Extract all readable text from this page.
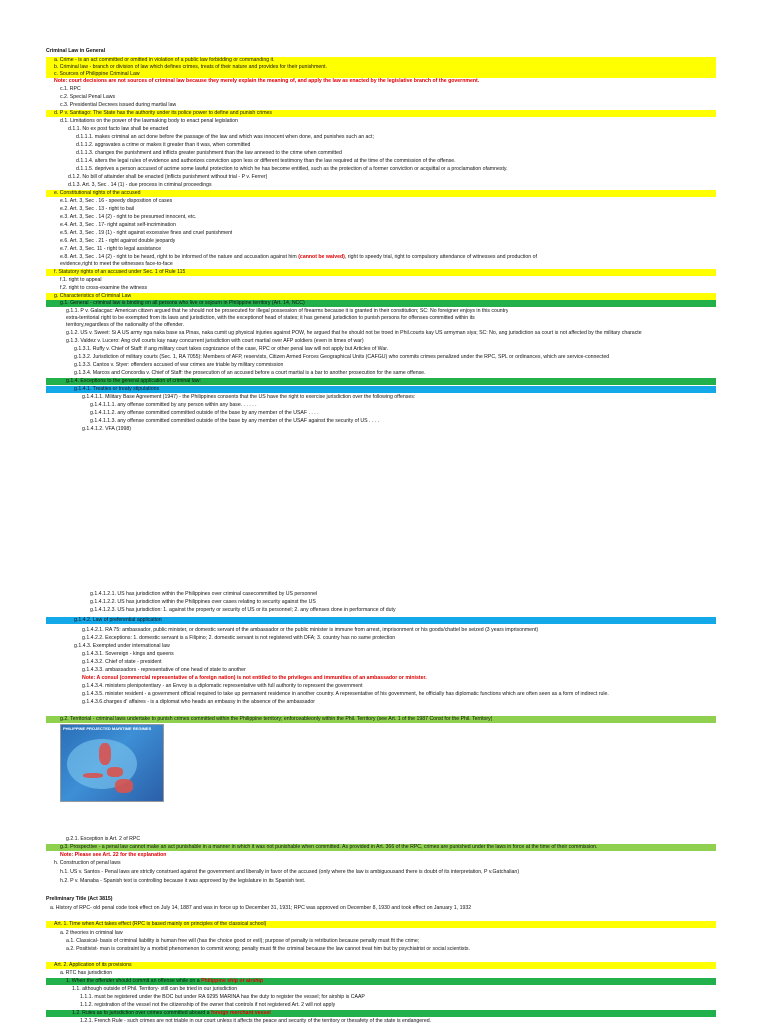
Criminal Law in General
a. Crime - is an act committed or omitted in violation of a public law forbidding or commanding it.
b. Criminal law - branch or division of law which defines crimes, treats of their nature and provides for their punishment.
c. Sources of Philippine Criminal Law
Note: court decisions are not sources of criminal law because they merely explain the meaning of, and apply the law as enacted by the legislative branch of the government.
c.1. RPC
c.2. Special Penal Laws
c.3. Presidential Decrees issued during martial law
d. P v. Santiago: The State has the authority under its police power to define and punish crimes
d.1. Limitations on the power of the lawmaking body to enact penal legislation
d.1.1. No ex post facto law shall be enacted
d.1.1.1. makes criminal an act done before the passage of the law and which was innocent when done, and punishes such an act;
d.1.1.2. aggravates a crime or makes it greater than it was, when committed
d.1.1.3. changes the punishment and inflicts greater punishment than the law annexed to the crime when committed
d.1.1.4. alters the legal rules of evidence and authorizes conviction upon less or different testimony than the law required at the time of the commission of the offense.
d.1.1.5. deprives a person accused of acrime some lawful protection to which he has become entitled, such as the protection of a former conviction or acquittal or a proclamation ofamnesty.
d.1.2. No bill of attainder shall be enacted (inflicts punishment without trial - P v. Ferrer)
d.1.3. Art. 3, Sec . 14 (1) - due process in criminal proceedings
e. Constitutional rights of the accused
e.1. Art. 3, Sec . 16 - speedy disposition of cases
e.2. Art. 3, Sec . 13 - right to bail
e.3. Art. 3, Sec . 14 (2) - right to be presumed innocent, etc.
e.4. Art. 3, Sec . 17- right against self-incrimination
e.5. Art. 3, Sec . 19 (1) - right against excessive fines and cruel punishment
e.6. Art. 3, Sec . 21 - right against double jeopardy
e.7. Art. 3, Sec. 11 - right to legal assistance
e.8. Art. 3, Sec . 14 (2) - right to be heard, right to be informed of the nature and accusation against him (cannot be waived), right to speedy trial, right to compulsory attendance of witnesses and production of
evidence,right to meet the witnesses face-to-face
f. Statutory rights of an accused under Sec. 1 of Rule 115
f.1. right to appeal
f.2. right to cross-examine the witness
g. Characteristics of Criminal Law
g.1. General - criminal law is binding on all persons who live or sojourn in Philippine territory (Art. 14, NCC)
g.1.1. P v. Galacgac: American citizen argued that he should not be prosecuted for illegal possession of firearms because it is granted in their constitution; SC: No foreigner enjoys in this country
extra-territorial right to be exempted from its laws and jurisdiction, with the exceptionof head of states; it has general jurisdiction to punish persons for offenses committed within its
territory,regardless of the nationality of the offender.
g.1.2. US v. Sweet: Si A US army nga naka base sa Pinas, naka cumit ug physical injuries against POW, he argued that he should not be troed in Phil.courts kay US armyman siya; SC: No, ang jurisdiction sa court is not affected by the military characte
g.1.3. Valdez v. Lucero: Ang civil courts kay naay concurrent jurisdiction with court martial over AFP soldiers (even in times of war)
g.1.3.1. Ruffy v. Chief of Staff: if ang military court takes cognizance of the case, RPC or other penal law will not apply but Articles of War.
g.1.3.2. Jurisdiction of military courts (Sec. 1, RA 7055): Members of AFP, reservists, Citizen Armed Forces Geographical Units (CAFGU) who commits crimes penalized under the RPC, SPL or ordinances, which are service-connected
g.1.3.3. Cantos v. Styer: offenders accused of war crimes are triable by military commission
g.1.3.4. Marcos and Concordia v. Chief of Staff: the prosecution of an accused before a court martial is a bar to another prosecution for the same offense.
g.1.4. Exceptions to the general application of criminal law:
g.1.4.1. Treaties or treaty stipulations
g.1.4.1.1. Military Base Agreement (1947) - the Philippines consents that the US have the right to exercise jurisdiction over the following offenses:
g.1.4.1.1.1. any offense committed by any person within any base. . . . . .
g.1.4.1.1.2. any offense committed committed outside of the base by any member of the USAF . . . .
g.1.4.1.1.3. any offense committed committed outside of the base by any member of the USAF against the security of US . . . .
g.1.4.1.2. VFA (1998)
g.1.4.1.2.1. US has jurisdiction within the Philippines over criminal casecommitted by US personnel
g.1.4.1.2.2. US has jurisdiction within the Philippines over cases relating to security against the US
g.1.4.1.2.3. US has jurisdiction: 1. against the property or security of US or its personnel; 2. any offenses done in performance of duty
g.1.4.2. Law of preferential application
g.1.4.2.1. RA 75: ambassador, public minister, or domestic servant of the ambassador or the public minister is immune from arrest, imprisonment or his goods/chattel be seized (3 years imprisonment)
g.1.4.2.2. Exceptions: 1. domestic servant is a Filipino; 2. domestic servant is not registered with DFA; 3. country has no same protection
g.1.4.3. Exempted under international law
g.1.4.3.1. Sovereign - kings and queens
g.1.4.3.2. Chief of state - president
g.1.4.3.3. ambassadors - representative of one head of state to another
Note: A consul (commercial representative of a foreign nation) is not entitled to the privileges and immunities of an ambassador or minister.
g.1.4.3.4. ministers plenipotentiary - an Envoy is a diplomatic representative with full authority to represent the government
g.1.4.3.5. minister resident - a government official required to take up permanent residence in another country. A representative of his government, he officially has diplomatic functions which are often seen as a form of indirect rule.
g.1.4.3.6.charges d' affaires - is a diplomat who heads an embassy in the absence of the ambassador
g.2. Territorial - criminal laws undertake to punish crimes committed within the Philippine territory; enforceableonly within the Phil. Territory (see Art. 1 of the 1987 Const for the Phil. Territory)
PHILIPPINE PROJECTED MARITIME REGIMES
g.2.1. Exception is Art. 2 of RPC
g.3. Prospective - a penal law cannot make an act punishable in a manner in which it was not punishable when committed. As provided in Art. 366 of the RPC, crimes are punished under the laws in force at the time of their commission.
Note: Please see Art. 22 for the explanation
h. Construction of penal laws
h.1. US v. Santos - Penal laws are strictly construed against the government and liberally in favor of the accused (only where the law is ambiguousand there is doubt of its interpretation, P v.Gatchalian)
h.2. P v. Manaba - Spanish text is controlling because it was approved by the legislature in its Spanish text.
Preliminary Title (Act 3815)
a. History of RPC- old penal code took effect on July 14, 1887 and was in force up to December 31, 1931; RPC was approved on December 8, 1930 and took effect on January 1, 1932
Art. 1. Time when Act takes effect (RPC is based mainly on principles of the classical school)
a. 2 theories in criminal law
a.1. Classical- basis of criminal liability is human free will (has the choice good or evil); purpose of penalty is retribution because penalty must fit the crime;
a.2. Positivist- man is constraint by a morbid phenomenon to commit wrong; penalty must fit the criminal because the law cannot treat him but by psychiatrist or social scientists.
Art. 2. Application of its provisions
a. RTC has jurisdiction
1. When the offender should commit an offense while on a Philippine ship or airship
1.1. although outside of Phil. Territory- still can be tried in our jurisdiction
1.1.1. must be registered under the BOC but under RA 9295 MARINA has the duty to register the vessel; for airship is CAAP
1.1.2. registration of the vessel not the citizenship of the owner that controls if not registered Art. 2 will not apply
1.2. Rules as to jurisdiction over crimes committed aboard a foreign merchant vessel
1.2.1. French Rule - such crimes are not triable in our court unless it affects the peace and security of the territory or thesafety of the state is endangered.
